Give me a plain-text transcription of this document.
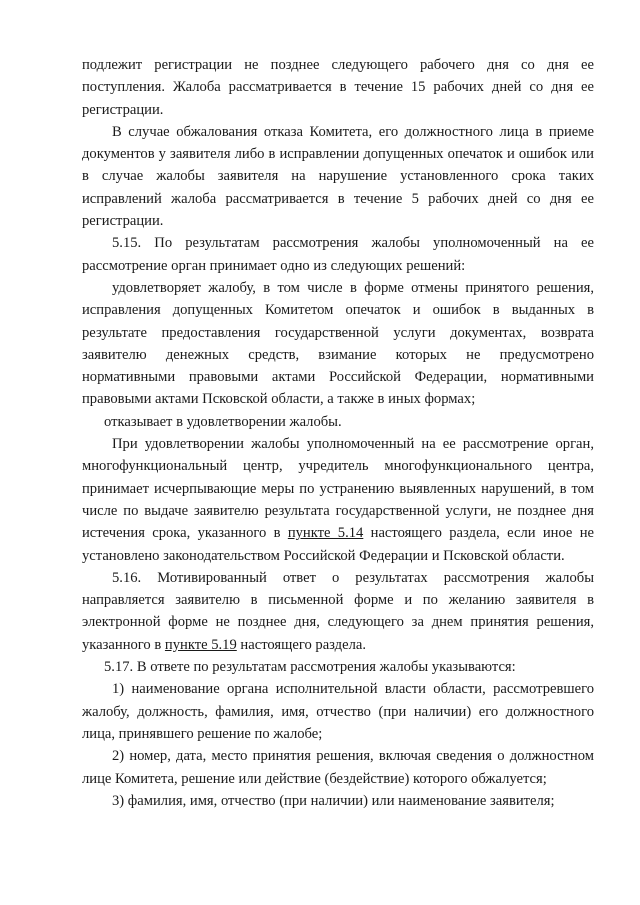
подлежит регистрации не позднее следующего рабочего дня со дня ее поступления. Жалоба рассматривается в течение 15 рабочих дней со дня ее регистрации.

В случае обжалования отказа Комитета, его должностного лица в приеме документов у заявителя либо в исправлении допущенных опечаток и ошибок или в случае жалобы заявителя на нарушение установленного срока таких исправлений жалоба рассматривается в течение 5 рабочих дней со дня ее регистрации.

5.15. По результатам рассмотрения жалобы уполномоченный на ее рассмотрение орган принимает одно из следующих решений:

удовлетворяет жалобу, в том числе в форме отмены принятого решения, исправления допущенных Комитетом опечаток и ошибок в выданных в результате предоставления государственной услуги документах, возврата заявителю денежных средств, взимание которых не предусмотрено нормативными правовыми актами Российской Федерации, нормативными правовыми актами Псковской области, а также в иных формах;

отказывает в удовлетворении жалобы.

При удовлетворении жалобы уполномоченный на ее рассмотрение орган, многофункциональный центр, учредитель многофункционального центра, принимает исчерпывающие меры по устранению выявленных нарушений, в том числе по выдаче заявителю результата государственной услуги, не позднее дня истечения срока, указанного в пункте 5.14 настоящего раздела, если иное не установлено законодательством Российской Федерации и Псковской области.

5.16. Мотивированный ответ о результатах рассмотрения жалобы направляется заявителю в письменной форме и по желанию заявителя в электронной форме не позднее дня, следующего за днем принятия решения, указанного в пункте 5.19 настоящего раздела.

5.17. В ответе по результатам рассмотрения жалобы указываются:

1) наименование органа исполнительной власти области, рассмотревшего жалобу, должность, фамилия, имя, отчество (при наличии) его должностного лица, принявшего решение по жалобе;

2) номер, дата, место принятия решения, включая сведения о должностном лице Комитета, решение или действие (бездействие) которого обжалуется;

3) фамилия, имя, отчество (при наличии) или наименование заявителя;
